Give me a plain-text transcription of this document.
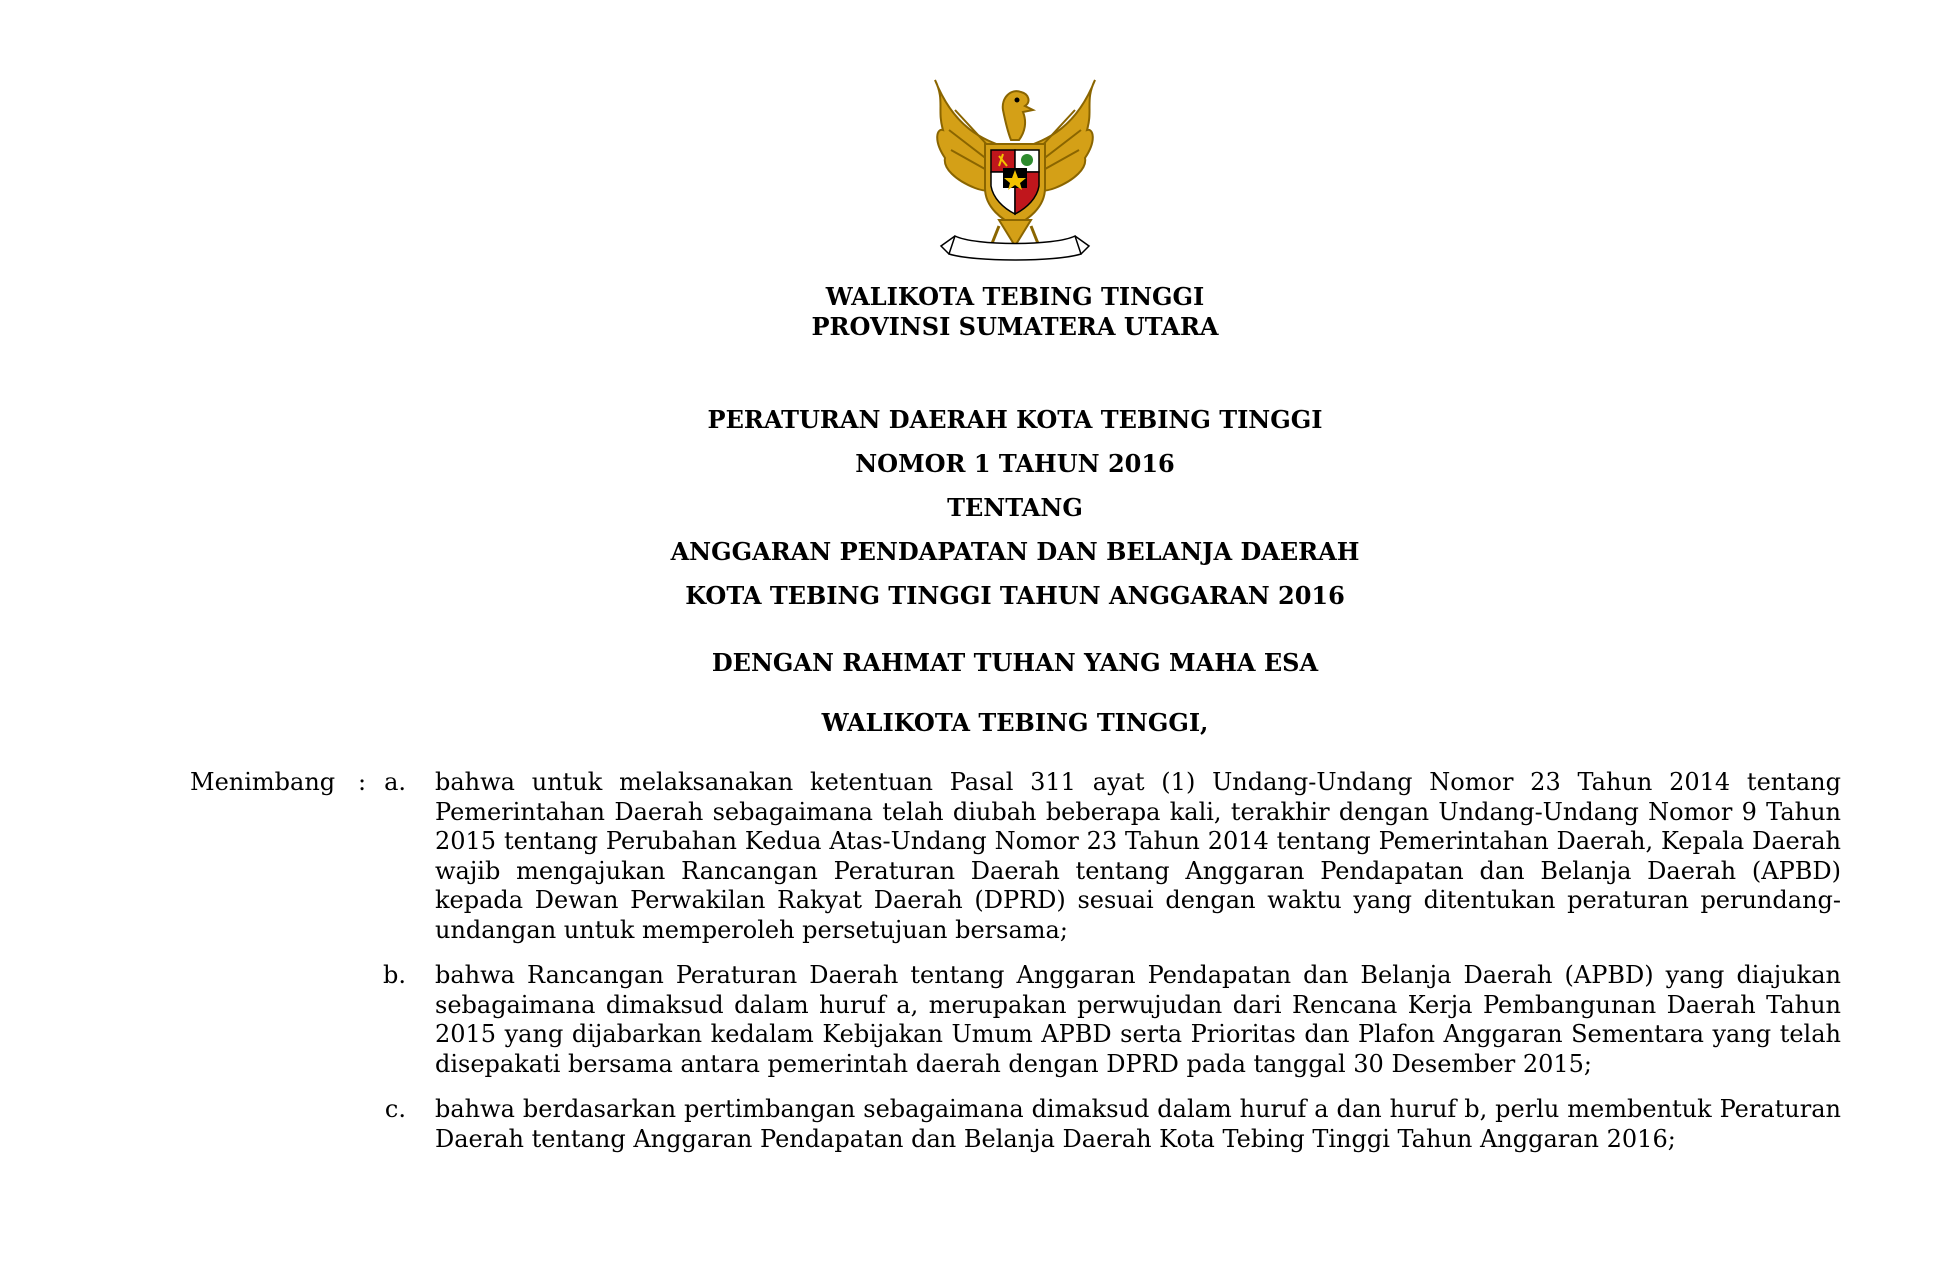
WALIKOTA TEBING TINGGI
PROVINSI SUMATERA UTARA
PERATURAN DAERAH KOTA TEBING TINGGI
NOMOR 1 TAHUN 2016
TENTANG
ANGGARAN PENDAPATAN DAN BELANJA DAERAH
KOTA TEBING TINGGI TAHUN ANGGARAN 2016
DENGAN RAHMAT TUHAN YANG MAHA ESA
WALIKOTA TEBING TINGGI,
Menimbang : a. bahwa untuk melaksanakan ketentuan Pasal 311 ayat (1) Undang-Undang Nomor 23 Tahun 2014 tentang Pemerintahan Daerah sebagaimana telah diubah beberapa kali, terakhir dengan Undang-Undang Nomor 9 Tahun 2015 tentang Perubahan Kedua Atas-Undang Nomor 23 Tahun 2014 tentang Pemerintahan Daerah, Kepala Daerah wajib mengajukan Rancangan Peraturan Daerah tentang Anggaran Pendapatan dan Belanja Daerah (APBD) kepada Dewan Perwakilan Rakyat Daerah (DPRD) sesuai dengan waktu yang ditentukan peraturan perundang-undangan untuk memperoleh persetujuan bersama;
b. bahwa Rancangan Peraturan Daerah tentang Anggaran Pendapatan dan Belanja Daerah (APBD) yang diajukan sebagaimana dimaksud dalam huruf a, merupakan perwujudan dari Rencana Kerja Pembangunan Daerah Tahun 2015 yang dijabarkan kedalam Kebijakan Umum APBD serta Prioritas dan Plafon Anggaran Sementara yang telah disepakati bersama antara pemerintah daerah dengan DPRD pada tanggal 30 Desember 2015;
c. bahwa berdasarkan pertimbangan sebagaimana dimaksud dalam huruf a dan huruf b, perlu membentuk Peraturan Daerah tentang Anggaran Pendapatan dan Belanja Daerah Kota Tebing Tinggi Tahun Anggaran 2016;
